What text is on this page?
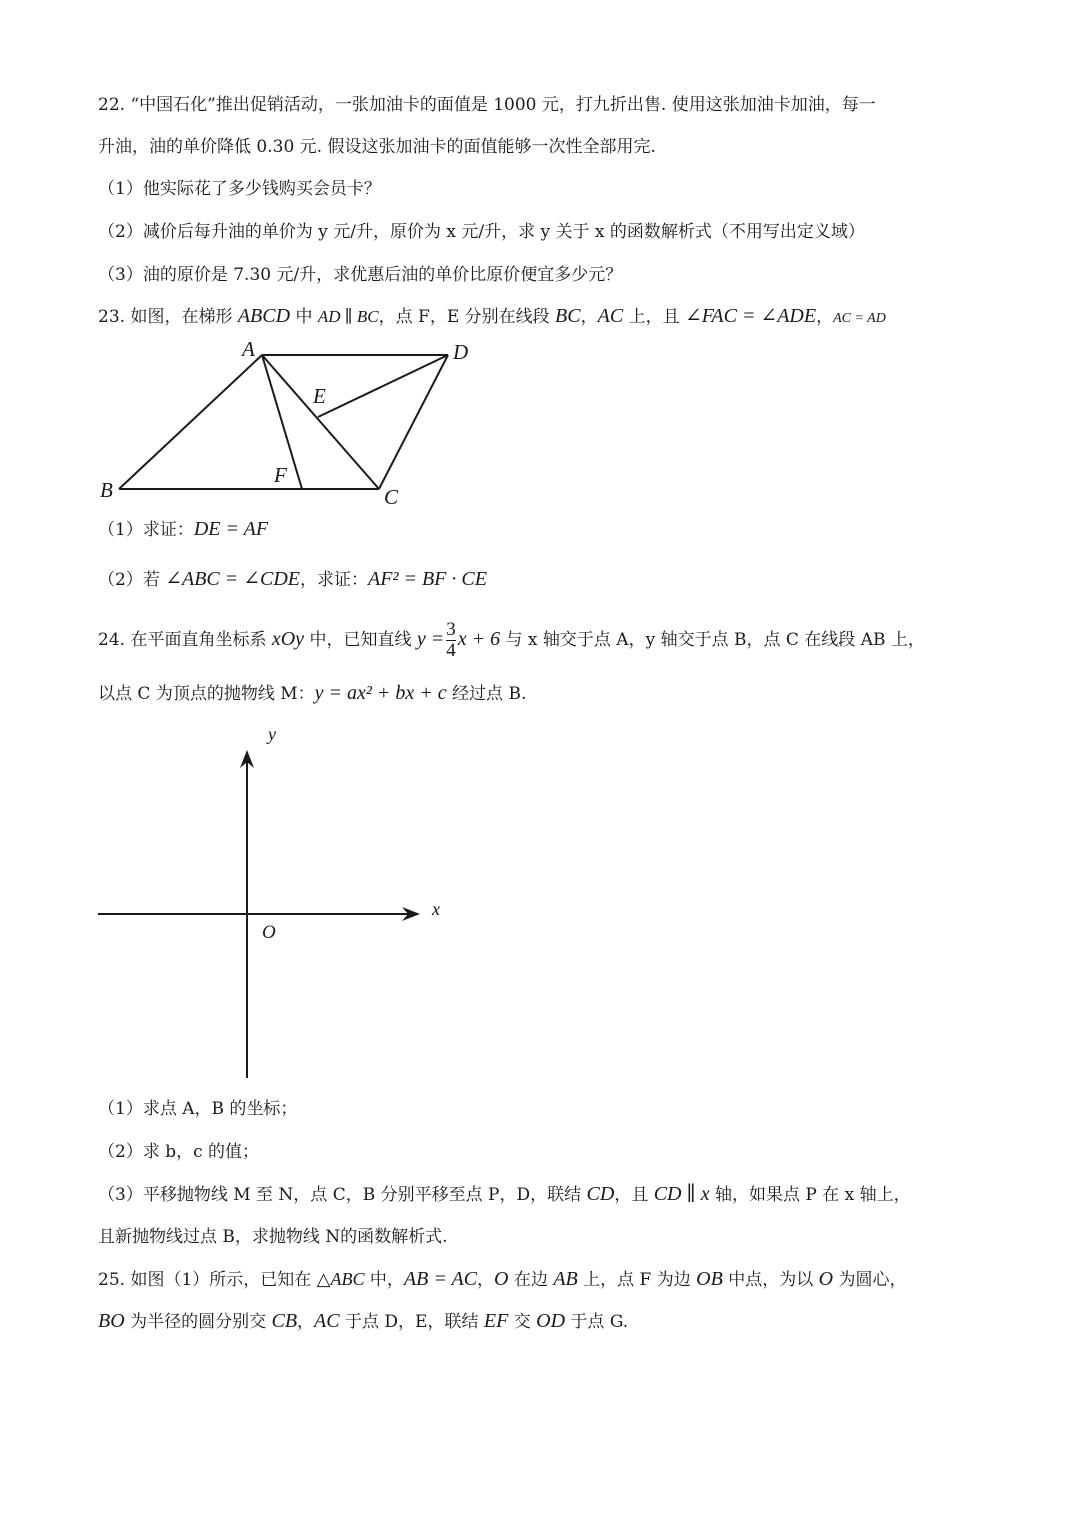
22. “中国石化”推出促销活动，一张加油卡的面值是 1000 元，打九折出售. 使用这张加油卡加油，每一
升油，油的单价降低 0.30 元. 假设这张加油卡的面值能够一次性全部用完.
（1）他实际花了多少钱购买会员卡？
（2）减价后每升油的单价为 y 元/升，原价为 x 元/升，求 y 关于 x 的函数解析式（不用写出定义域）
（3）油的原价是 7.30 元/升，求优惠后油的单价比原价便宜多少元？
23. 如图，在梯形 ABCD 中 AD ∥ BC，点 F，E 分别在线段 BC，AC 上，且 ∠FAC = ∠ADE，AC = AD
A	D
E
B
F
C
（1）求证：DE = AF
（2）若 ∠ABC = ∠CDE，求证：AF² = BF · CE
24. 在平面直角坐标系 xOy 中，已知直线 $y = \frac{3}{4}$ x + 6 与 x 轴交于点 A，y 轴交于点 B，点 C 在线段 AB 上，
以点 C 为顶点的抛物线 M：y = ax² + bx + c 经过点 B.
y
x
O
（1）求点 A，B 的坐标；
（2）求 b，c 的值；
（3）平移抛物线 M 至 N，点 C，B 分别平移至点 P，D，联结 CD，且 CD ∥ x 轴，如果点 P 在 x 轴上，
且新抛物线过点 B，求抛物线 N的函数解析式.
25. 如图（1）所示，已知在 △ABC 中，AB = AC，O 在边 AB 上，点 F 为边 OB 中点，为以 O 为圆心，
BO 为半径的圆分别交 CB，AC 于点 D，E，联结 EF 交 OD 于点 G.
